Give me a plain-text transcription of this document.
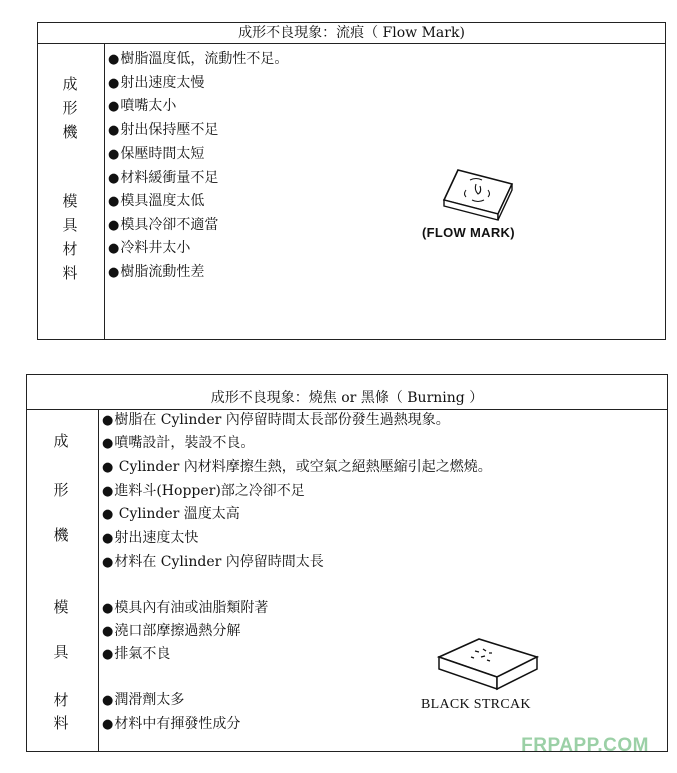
成形不良現象：流痕（ Flow Mark)
成
形
機
模
具
材
料
●樹脂溫度低，流動性不足。
●射出速度太慢
●噴嘴太小
●射出保持壓不足
●保壓時間太短
●材料緩衝量不足
●模具溫度太低
●模具冷卻不適當
●冷料井太小
●樹脂流動性差
(FLOW MARK)
成形不良現象：燒焦 or 黑條（ Burning ）
成
形
機
模
具
材
料
●樹脂在 Cylinder 內停留時間太長部份發生過熱現象。
●噴嘴設計，裝設不良。
● Cylinder 內材料摩擦生熱，或空氣之絕熱壓縮引起之燃燒。
●進料斗(Hopper)部之冷卻不足
● Cylinder 溫度太高
●射出速度太快
●材料在 Cylinder 內停留時間太長
●模具內有油或油脂類附著
●澆口部摩擦過熱分解
●排氣不良
●潤滑劑太多
●材料中有揮發性成分
BLACK STRCAK
FRPAPP.COM
